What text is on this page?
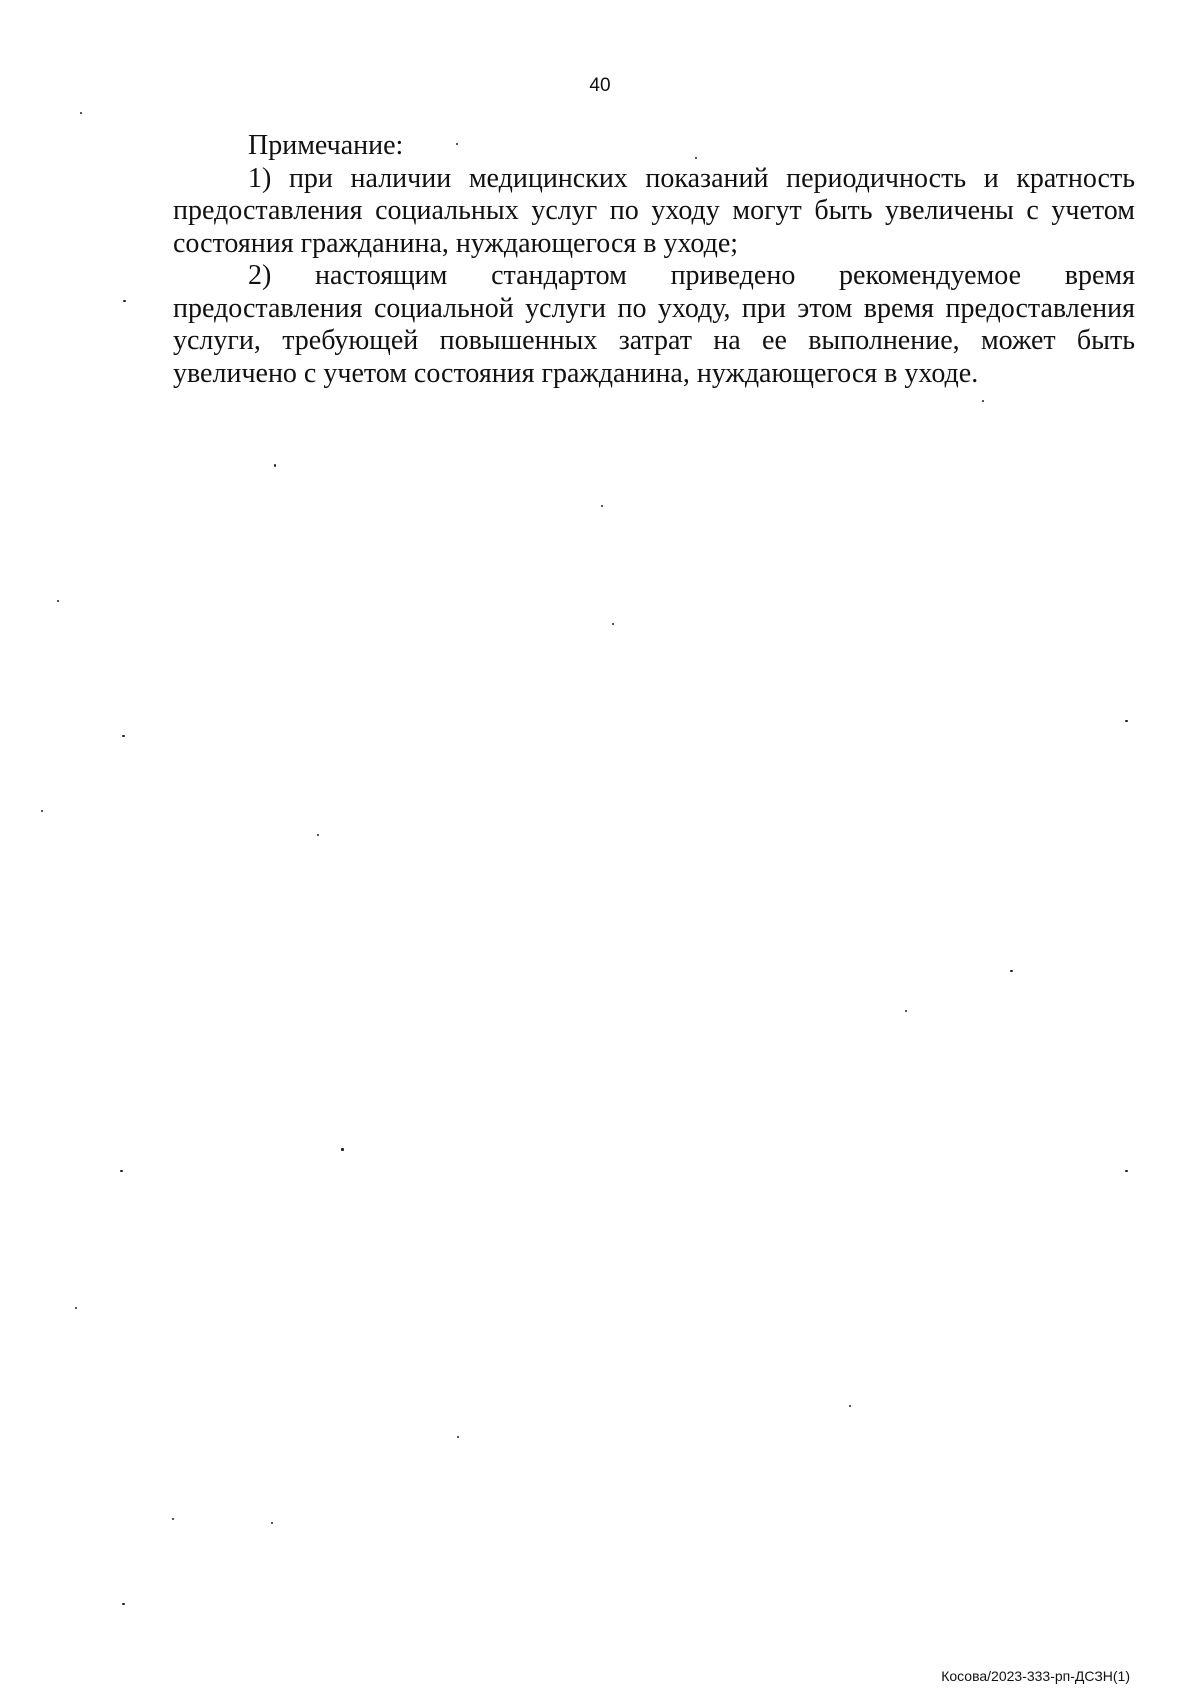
40

Примечание:

1) при наличии медицинских показаний периодичность и кратность предоставления социальных услуг по уходу могут быть увеличены с учетом состояния гражданина, нуждающегося в уходе;

2) настоящим стандартом приведено рекомендуемое время предоставления социальной услуги по уходу, при этом время предоставления услуги, требующей повышенных затрат на ее выполнение, может быть увеличено с учетом состояния гражданина, нуждающегося в уходе.

Косова/2023-333-рп-ДСЗН(1)
